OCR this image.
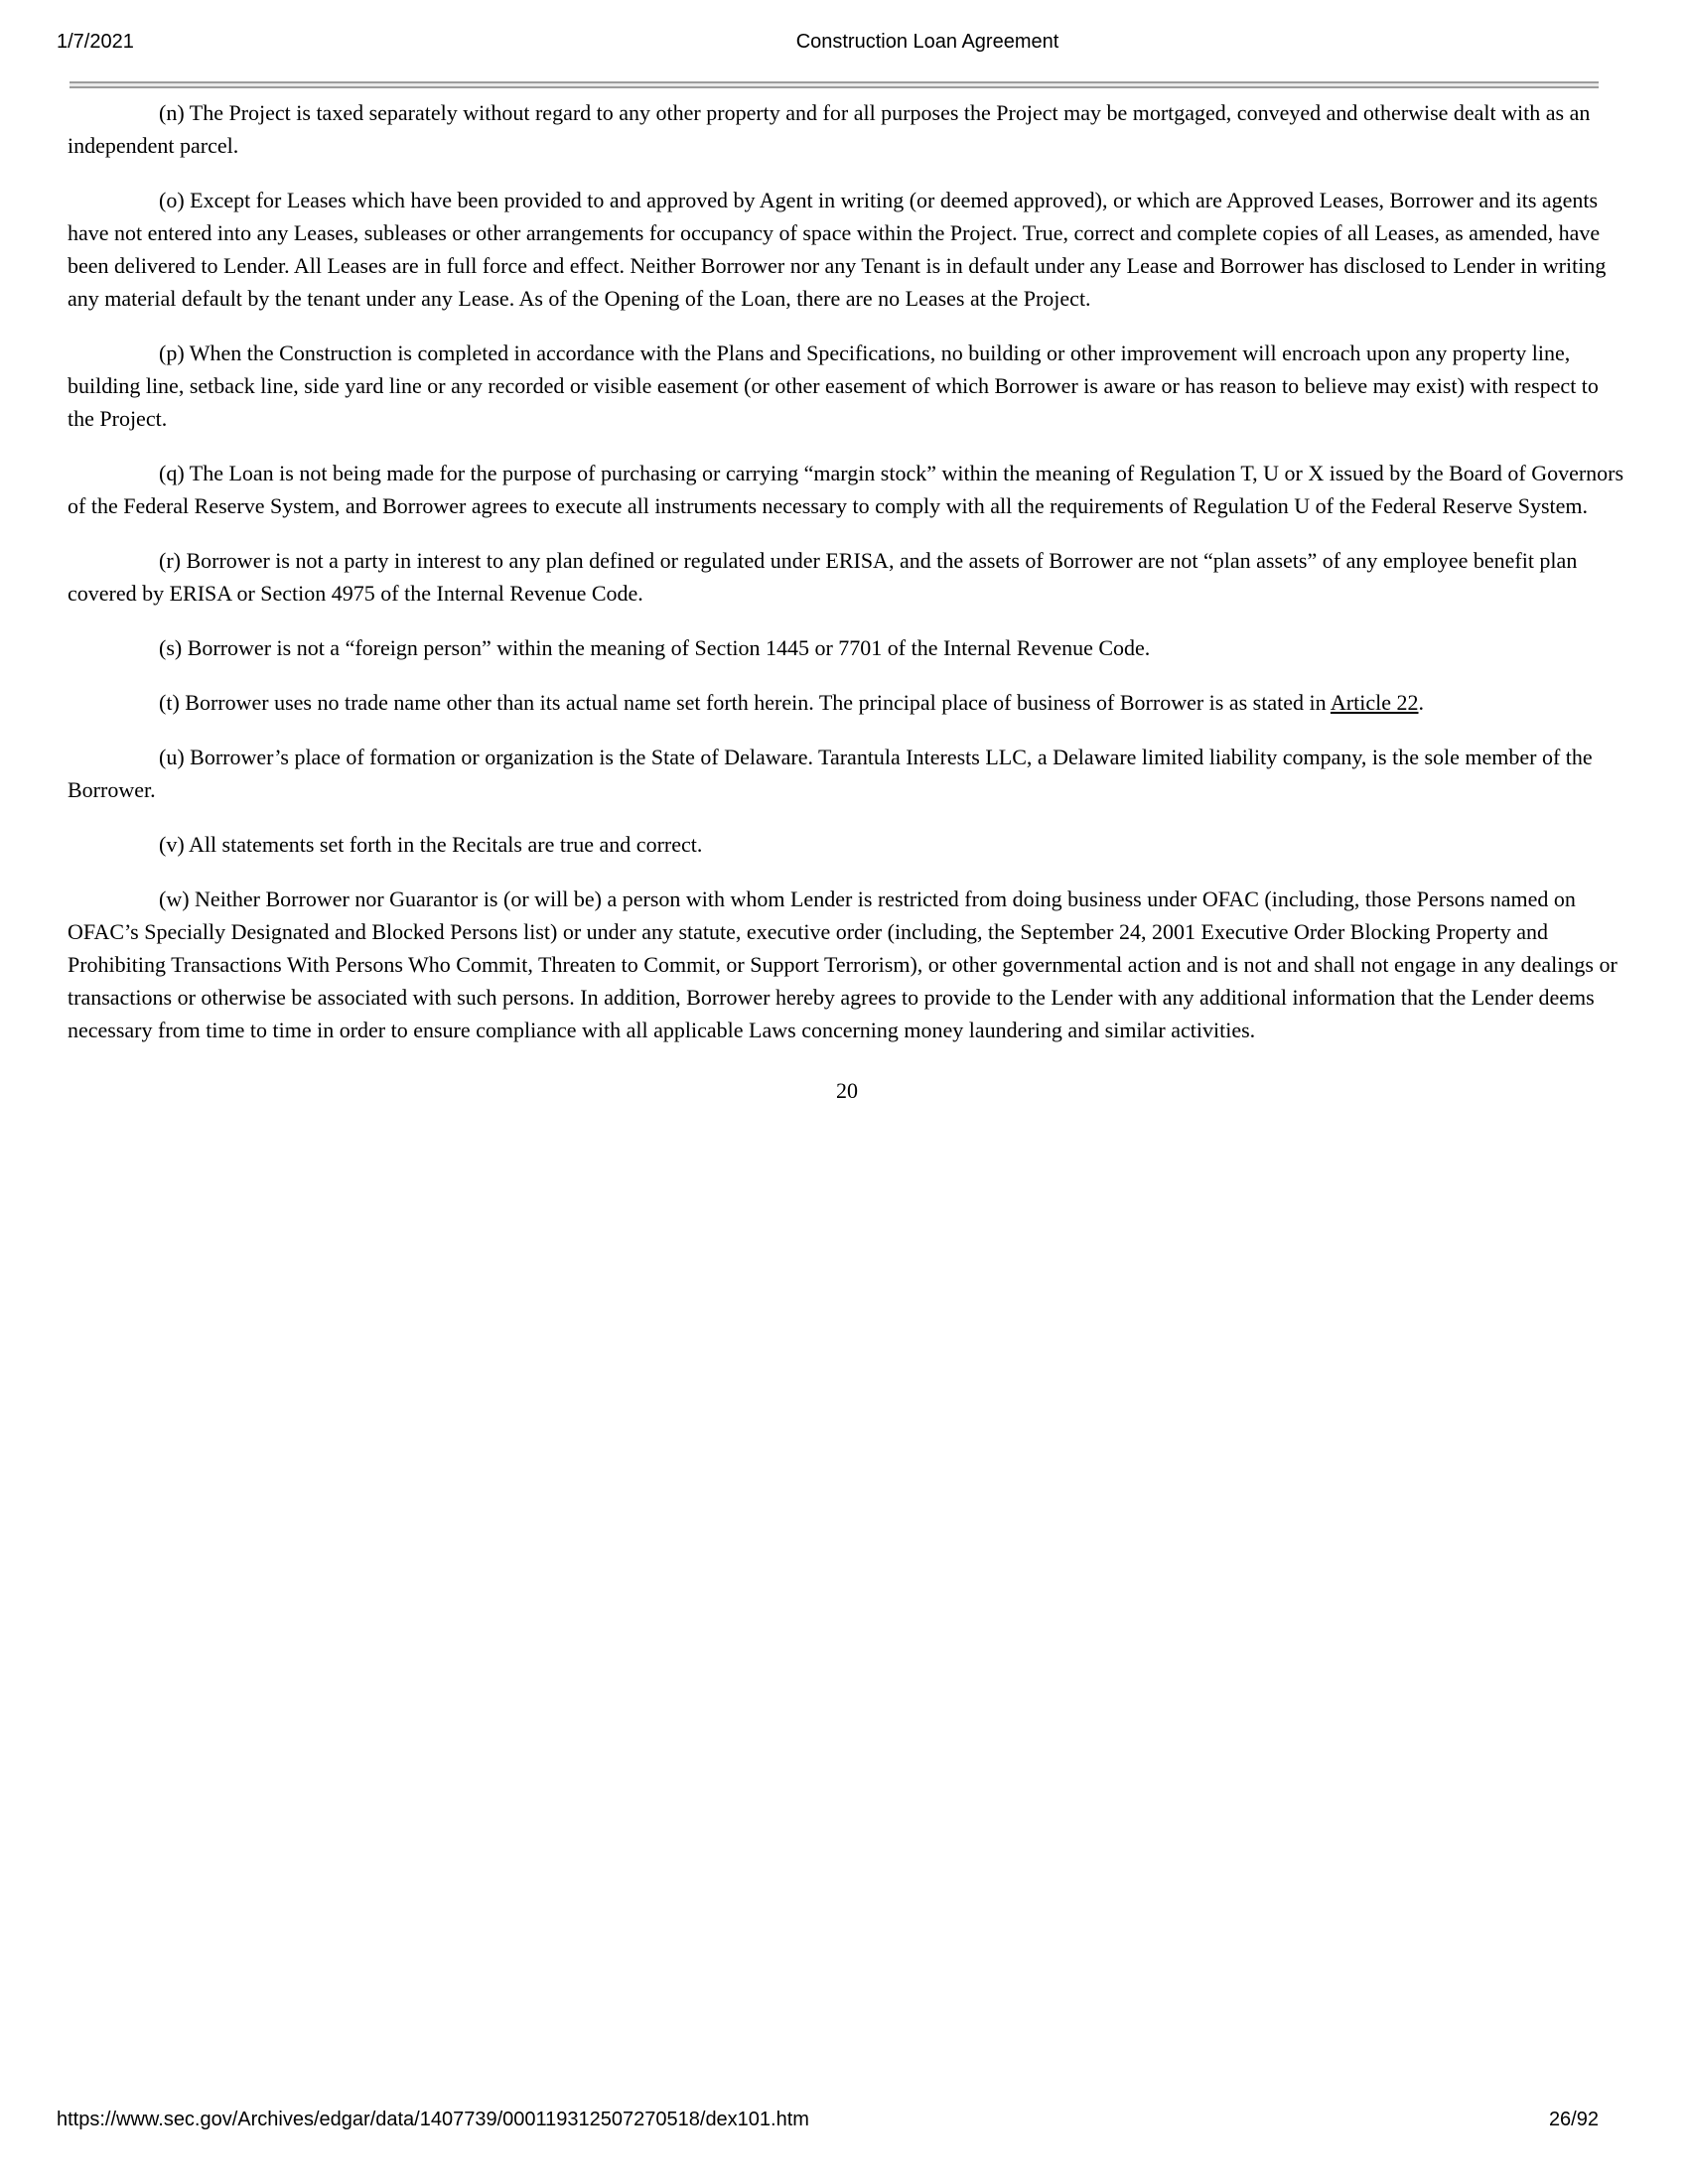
1/7/2021	Construction Loan Agreement

(n) The Project is taxed separately without regard to any other property and for all purposes the Project may be mortgaged, conveyed and otherwise dealt with as an independent parcel.

(o) Except for Leases which have been provided to and approved by Agent in writing (or deemed approved), or which are Approved Leases, Borrower and its agents have not entered into any Leases, subleases or other arrangements for occupancy of space within the Project. True, correct and complete copies of all Leases, as amended, have been delivered to Lender. All Leases are in full force and effect. Neither Borrower nor any Tenant is in default under any Lease and Borrower has disclosed to Lender in writing any material default by the tenant under any Lease. As of the Opening of the Loan, there are no Leases at the Project.

(p) When the Construction is completed in accordance with the Plans and Specifications, no building or other improvement will encroach upon any property line, building line, setback line, side yard line or any recorded or visible easement (or other easement of which Borrower is aware or has reason to believe may exist) with respect to the Project.

(q) The Loan is not being made for the purpose of purchasing or carrying “margin stock” within the meaning of Regulation T, U or X issued by the Board of Governors of the Federal Reserve System, and Borrower agrees to execute all instruments necessary to comply with all the requirements of Regulation U of the Federal Reserve System.

(r) Borrower is not a party in interest to any plan defined or regulated under ERISA, and the assets of Borrower are not “plan assets” of any employee benefit plan covered by ERISA or Section 4975 of the Internal Revenue Code.

(s) Borrower is not a “foreign person” within the meaning of Section 1445 or 7701 of the Internal Revenue Code.

(t) Borrower uses no trade name other than its actual name set forth herein. The principal place of business of Borrower is as stated in Article 22.

(u) Borrower’s place of formation or organization is the State of Delaware. Tarantula Interests LLC, a Delaware limited liability company, is the sole member of the Borrower.

(v) All statements set forth in the Recitals are true and correct.

(w) Neither Borrower nor Guarantor is (or will be) a person with whom Lender is restricted from doing business under OFAC (including, those Persons named on OFAC’s Specially Designated and Blocked Persons list) or under any statute, executive order (including, the September 24, 2001 Executive Order Blocking Property and Prohibiting Transactions With Persons Who Commit, Threaten to Commit, or Support Terrorism), or other governmental action and is not and shall not engage in any dealings or transactions or otherwise be associated with such persons. In addition, Borrower hereby agrees to provide to the Lender with any additional information that the Lender deems necessary from time to time in order to ensure compliance with all applicable Laws concerning money laundering and similar activities.

20
https://www.sec.gov/Archives/edgar/data/1407739/000119312507270518/dex101.htm	26/92
